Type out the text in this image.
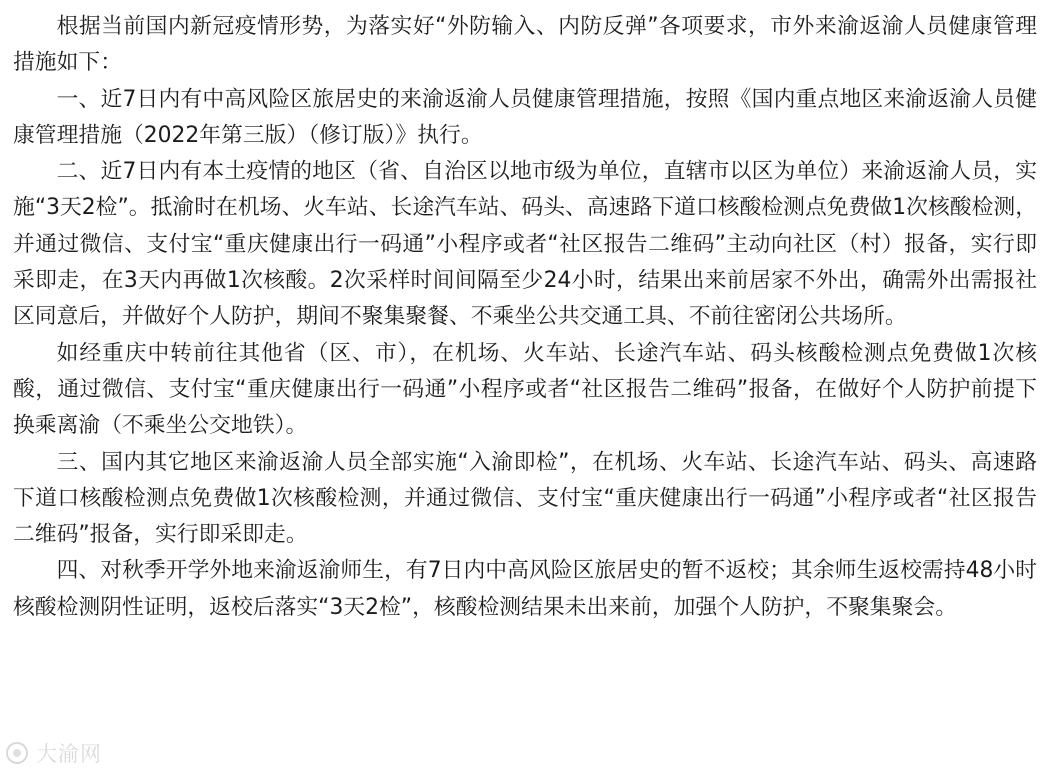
根据当前国内新冠疫情形势，为落实好“外防输入、内防反弹”各项要求，市外来渝返渝人员健康管理措施如下：

一、近7日内有中高风险区旅居史的来渝返渝人员健康管理措施，按照《国内重点地区来渝返渝人员健康管理措施（2022年第三版）（修订版）》执行。

二、近7日内有本土疫情的地区（省、自治区以地市级为单位，直辖市以区为单位）来渝返渝人员，实施“3天2检”。抵渝时在机场、火车站、长途汽车站、码头、高速路下道口核酸检测点免费做1次核酸检测，并通过微信、支付宝“重庆健康出行一码通”小程序或者“社区报告二维码”主动向社区（村）报备，实行即采即走，在3天内再做1次核酸。2次采样时间间隔至少24小时，结果出来前居家不外出，确需外出需报社区同意后，并做好个人防护，期间不聚集聚餐、不乘坐公共交通工具、不前往密闭公共场所。

如经重庆中转前往其他省（区、市），在机场、火车站、长途汽车站、码头核酸检测点免费做1次核酸，通过微信、支付宝“重庆健康出行一码通”小程序或者“社区报告二维码”报备，在做好个人防护前提下换乘离渝（不乘坐公交地铁）。

三、国内其它地区来渝返渝人员全部实施“入渝即检”，在机场、火车站、长途汽车站、码头、高速路下道口核酸检测点免费做1次核酸检测，并通过微信、支付宝“重庆健康出行一码通”小程序或者“社区报告二维码”报备，实行即采即走。

四、对秋季开学外地来渝返渝师生，有7日内中高风险区旅居史的暂不返校；其余师生返校需持48小时核酸检测阴性证明，返校后落实“3天2检”，核酸检测结果未出来前，加强个人防护，不聚集聚会。

大渝网
